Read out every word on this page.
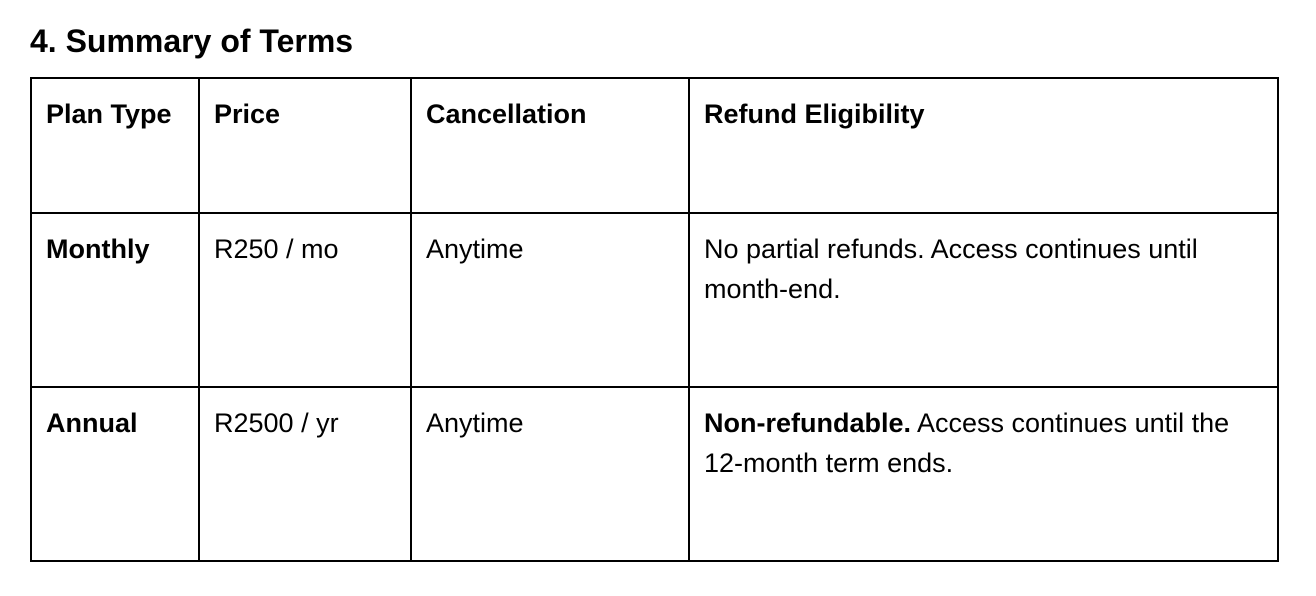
4. Summary of Terms
Plan Type	Price	Cancellation	Refund Eligibility
Monthly	R250 / mo	Anytime	No partial refunds. Access continues until month-end.
Annual	R2500 / yr	Anytime	Non-refundable. Access continues until the 12-month term ends.
